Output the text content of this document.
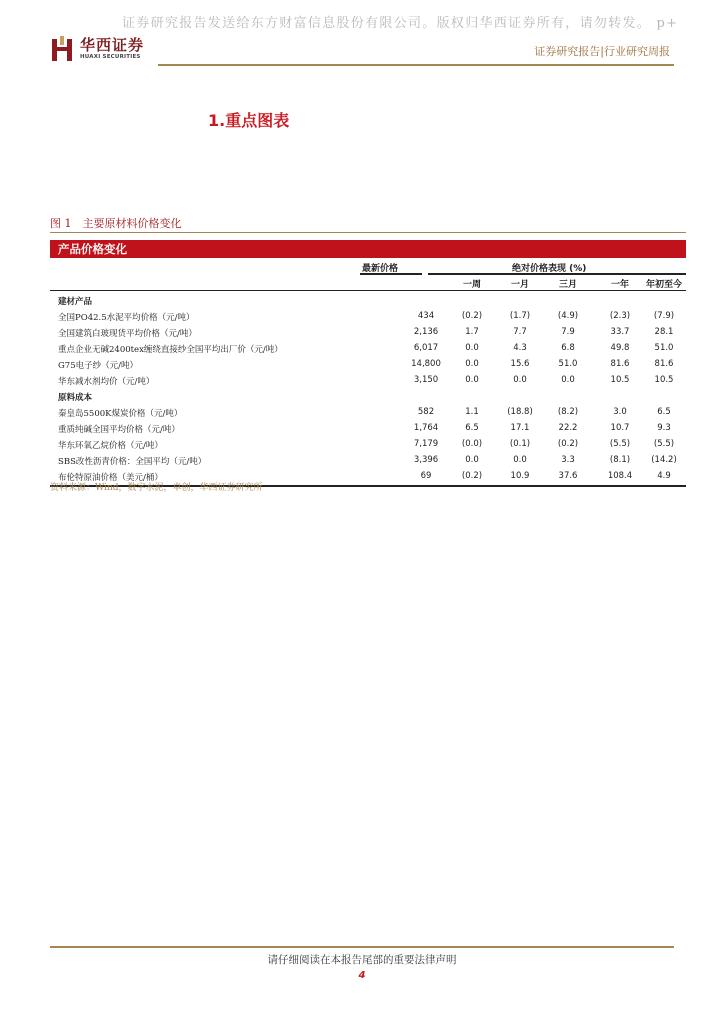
证券研究报告发送给东方财富信息股份有限公司。版权归华西证券所有，请勿转发。 p+
华西证券
HUAXI SECURITIES	证券研究报告|行业研究周报
1.重点图表
图 1　主要原材料价格变化
产品价格变化
最新价格	绝对价格表现 (%)
一周	一月	三月	一年	年初至今
建材产品
全国PO42.5水泥平均价格（元/吨）	434	(0.2)	(1.7)	(4.9)	(2.3)	(7.9)
全国建筑白玻现货平均价格（元/吨）	2,136	1.7	7.7	7.9	33.7	28.1
重点企业无碱2400tex缠绕直接纱全国平均出厂价（元/吨）	6,017	0.0	4.3	6.8	49.8	51.0
G75电子纱（元/吨）	14,800	0.0	15.6	51.0	81.6	81.6
华东减水剂均价（元/吨）	3,150	0.0	0.0	0.0	10.5	10.5
原料成本
秦皇岛5500K煤炭价格（元/吨）	582	1.1	(18.8)	(8.2)	3.0	6.5
重质纯碱全国平均价格（元/吨）	1,764	6.5	17.1	22.2	10.7	9.3
华东环氧乙烷价格（元/吨）	7,179	(0.0)	(0.1)	(0.2)	(5.5)	(5.5)
SBS改性沥青价格：全国平均（元/吨）	3,396	0.0	0.0	3.3	(8.1)	(14.2)
布伦特原油价格（美元/桶）	69	(0.2)	10.9	37.6	108.4	4.9
资料来源：Wind，数字水泥，卓创，华西证券研究所
请仔细阅读在本报告尾部的重要法律声明
4
